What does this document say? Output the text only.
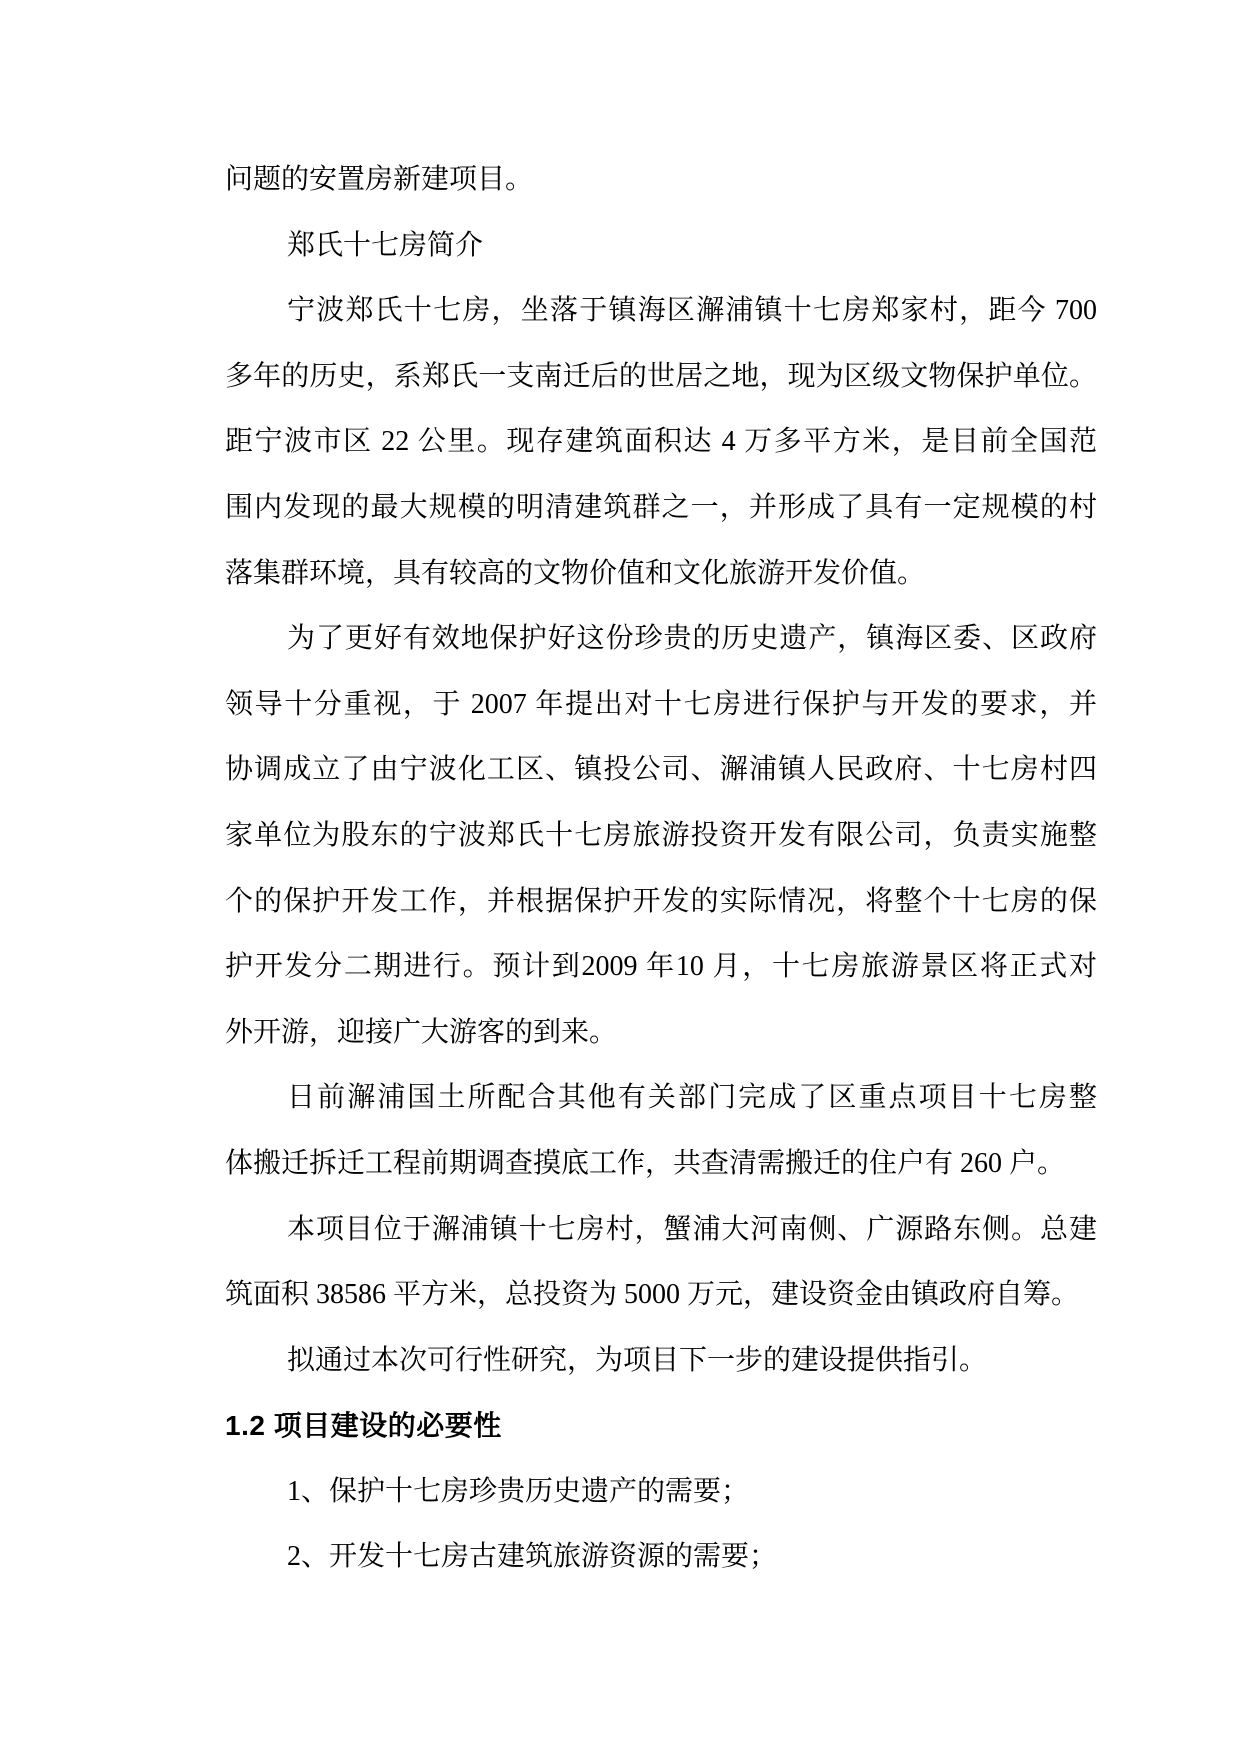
问题的安置房新建项目。
郑氏十七房简介
宁波郑氏十七房，坐落于镇海区澥浦镇十七房郑家村，距今 700
多年的历史，系郑氏一支南迁后的世居之地，现为区级文物保护单位。
距宁波市区 22 公里。现存建筑面积达 4 万多平方米，是目前全国范
围内发现的最大规模的明清建筑群之一，并形成了具有一定规模的村
落集群环境，具有较高的文物价值和文化旅游开发价值。
为了更好有效地保护好这份珍贵的历史遗产，镇海区委、区政府
领导十分重视，于 2007 年提出对十七房进行保护与开发的要求，并
协调成立了由宁波化工区、镇投公司、澥浦镇人民政府、十七房村四
家单位为股东的宁波郑氏十七房旅游投资开发有限公司，负责实施整
个的保护开发工作，并根据保护开发的实际情况，将整个十七房的保
护开发分二期进行。预计到2009 年10 月，十七房旅游景区将正式对
外开游，迎接广大游客的到来。
日前澥浦国土所配合其他有关部门完成了区重点项目十七房整
体搬迁拆迁工程前期调查摸底工作，共查清需搬迁的住户有 260 户。
本项目位于澥浦镇十七房村，蟹浦大河南侧、广源路东侧。总建
筑面积 38586 平方米，总投资为 5000 万元，建设资金由镇政府自筹。
拟通过本次可行性研究，为项目下一步的建设提供指引。
1.2 项目建设的必要性
1、保护十七房珍贵历史遗产的需要；
2、开发十七房古建筑旅游资源的需要；
